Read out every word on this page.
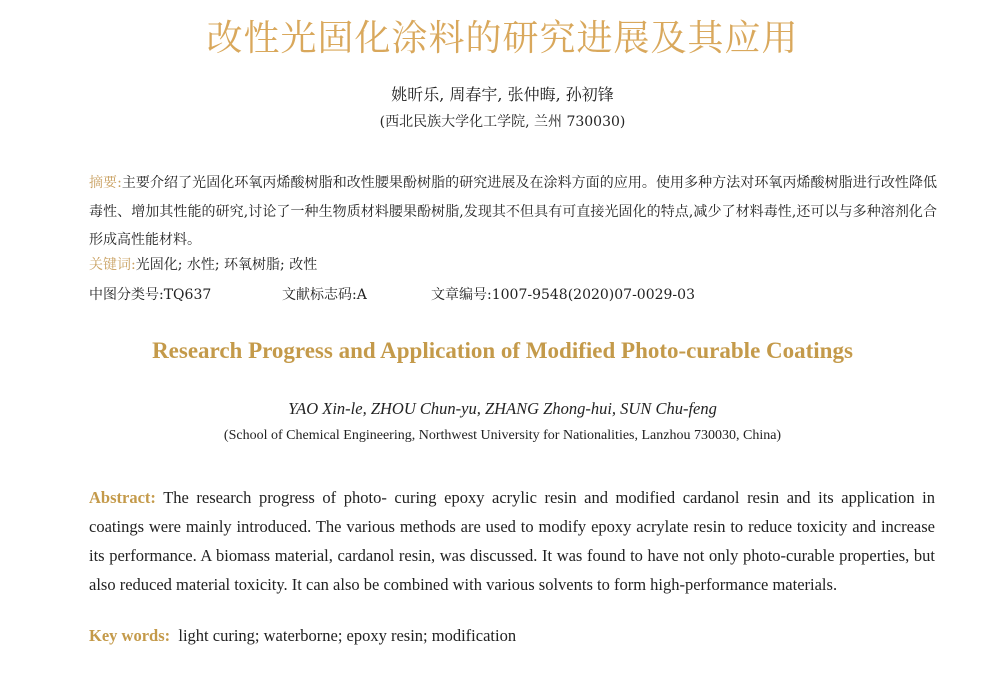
改性光固化涂料的研究进展及其应用
姚昕乐, 周春宇, 张仲晦, 孙初锋
(西北民族大学化工学院, 兰州 730030)
摘要:主要介绍了光固化环氧丙烯酸树脂和改性腰果酚树脂的研究进展及在涂料方面的应用。使用多种方法对环氧丙烯酸树脂进行改性降低毒性、增加其性能的研究,讨论了一种生物质材料腰果酚树脂,发现其不但具有可直接光固化的特点,减少了材料毒性,还可以与多种溶剂化合形成高性能材料。
关键词:光固化; 水性; 环氧树脂; 改性
中图分类号:TQ637	文献标志码:A	文章编号:1007-9548(2020)07-0029-03
Research Progress and Application of Modified Photo-curable Coatings
YAO Xin-le, ZHOU Chun-yu, ZHANG Zhong-hui, SUN Chu-feng
(School of Chemical Engineering, Northwest University for Nationalities, Lanzhou 730030, China)
Abstract: The research progress of photo- curing epoxy acrylic resin and modified cardanol resin and its application in coatings were mainly introduced. The various methods are used to modify epoxy acrylate resin to reduce toxicity and increase its performance. A biomass material, cardanol resin, was discussed. It was found to have not only photo-curable properties, but also reduced material toxicity. It can also be combined with various solvents to form high-performance materials.
Key words: light curing; waterborne; epoxy resin; modification
